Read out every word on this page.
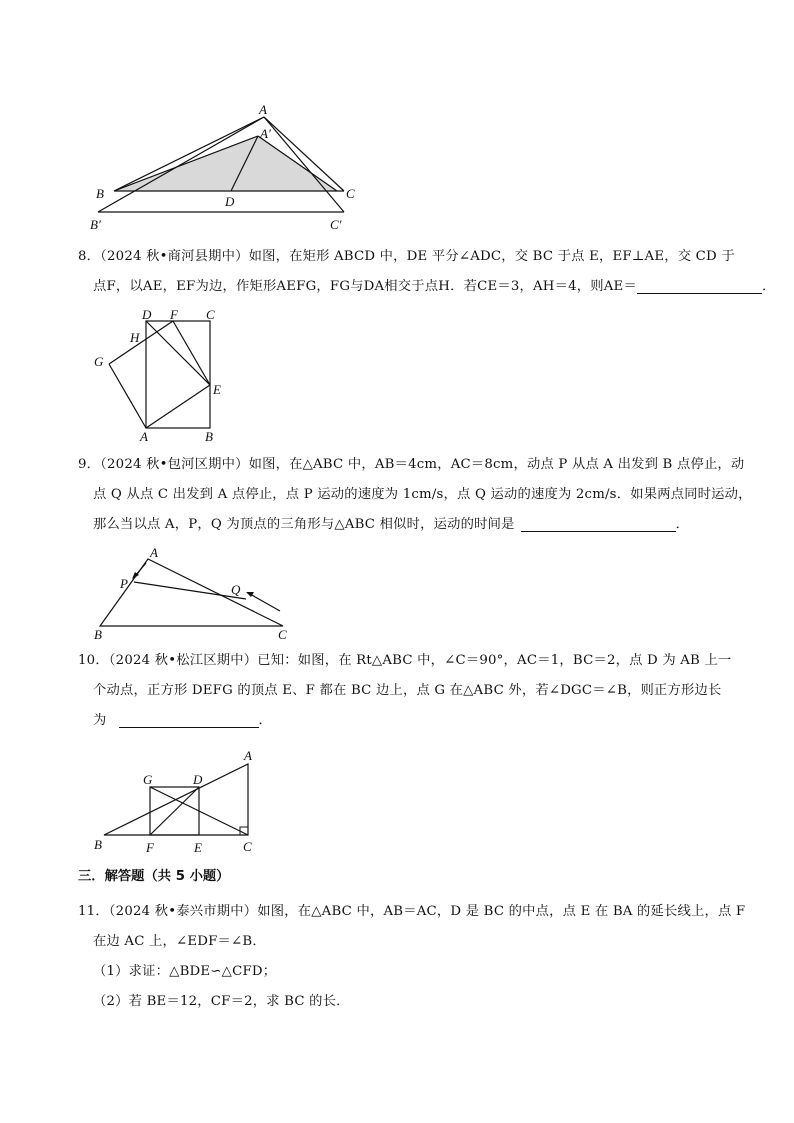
A
A′
B	C
D
B′	C′
8．（2024 秋•商河县期中）如图，在矩形 ABCD 中，DE 平分∠ADC，交 BC 于点 E，EF⊥AE，交 CD 于
点F，以AE，EF为边，作矩形AEFG，FG与DA相交于点H．若CE＝3，AH＝4，则AE＝	．
D F C
H
G
E
A	B
9．（2024 秋•包河区期中）如图，在△ABC 中，AB＝4cm，AC＝8cm，动点 P 从点 A 出发到 B 点停止，动
点 Q 从点 C 出发到 A 点停止，点 P 运动的速度为 1cm/s，点 Q 运动的速度为 2cm/s．如果两点同时运动，
那么当以点 A，P，Q 为顶点的三角形与△ABC 相似时，运动的时间是	．
A
P	Q
B	C
10．（2024 秋•松江区期中）已知：如图，在 Rt△ABC 中，∠C＝90°，AC＝1，BC＝2，点 D 为 AB 上一
个动点，正方形 DEFG 的顶点 E、F 都在 BC 边上，点 G 在△ABC 外，若∠DGC＝∠B，则正方形边长
为	．
A
G	D
B	F	E	C
三．解答题（共 5 小题）
11．（2024 秋•泰兴市期中）如图，在△ABC 中，AB＝AC，D 是 BC 的中点，点 E 在 BA 的延长线上，点 F
在边 AC 上，∠EDF＝∠B．
（1）求证：△BDE∽△CFD；
（2）若 BE＝12，CF＝2，求 BC 的长．
